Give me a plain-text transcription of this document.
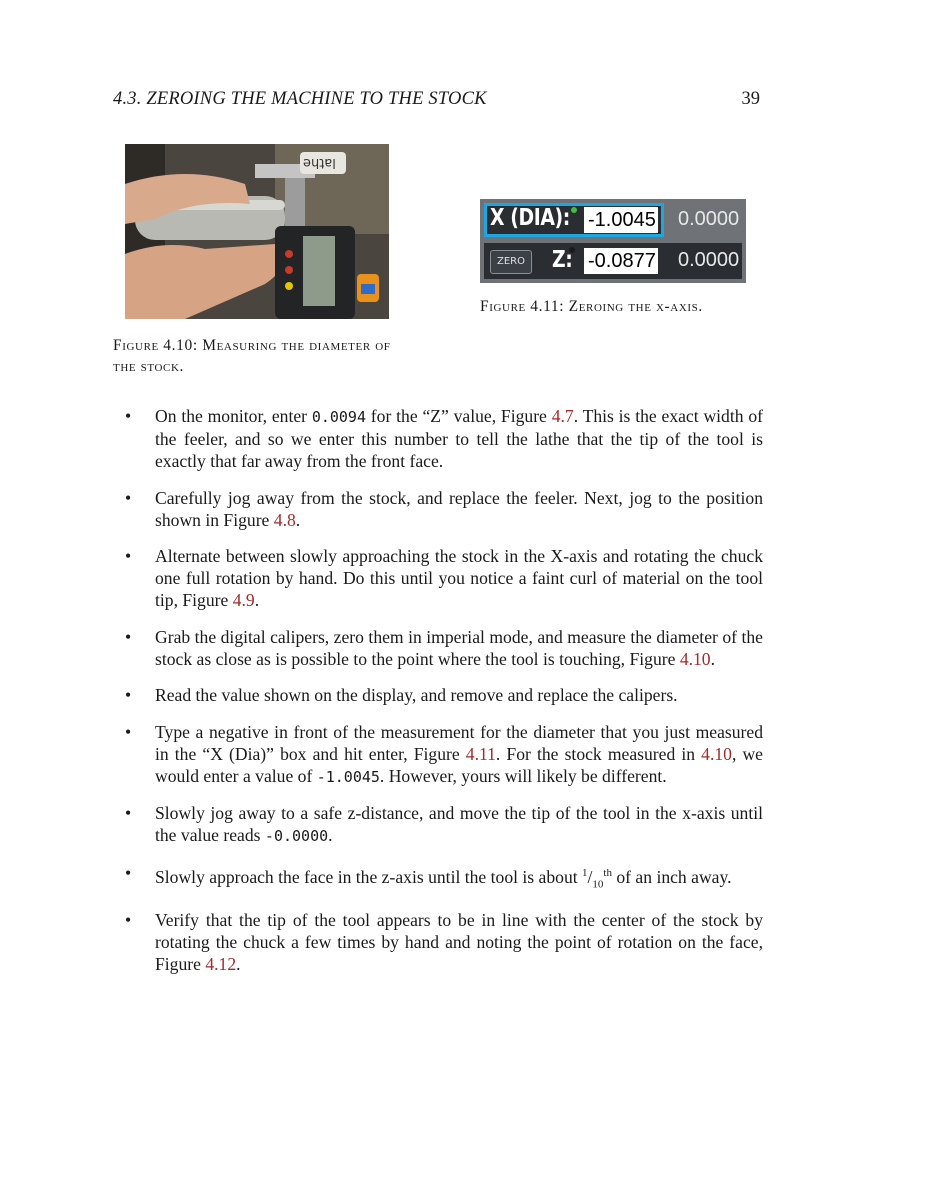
4.3. ZEROING THE MACHINE TO THE STOCK	39
lathe
Figure 4.10: Measuring the diameter of the stock.
X (DIA): -1.0045 0.0000
ZERO	Z: -0.0877 0.0000
Figure 4.11: Zeroing the x-axis.
• On the monitor, enter 0.0094 for the “Z” value, Figure 4.7. This is the exact width of the feeler, and so we enter this number to tell the lathe that the tip of the tool is exactly that far away from the front face.
• Carefully jog away from the stock, and replace the feeler. Next, jog to the position shown in Figure 4.8.
• Alternate between slowly approaching the stock in the X-axis and rotating the chuck one full rotation by hand. Do this until you notice a faint curl of material on the tool tip, Figure 4.9.
• Grab the digital calipers, zero them in imperial mode, and measure the diameter of the stock as close as is possible to the point where the tool is touching, Figure 4.10.
• Read the value shown on the display, and remove and replace the calipers.
• Type a negative in front of the measurement for the diameter that you just measured in the “X (Dia)” box and hit enter, Figure 4.11. For the stock measured in 4.10, we would enter a value of -1.0045. However, yours will likely be different.
• Slowly jog away to a safe z-distance, and move the tip of the tool in the x-axis until the value reads -0.0000.
• Slowly approach the face in the z-axis until the tool is about $^1/_{10}^{th}$ of an inch away.
• Verify that the tip of the tool appears to be in line with the center of the stock by rotating the chuck a few times by hand and noting the point of rotation on the face, Figure 4.12.
